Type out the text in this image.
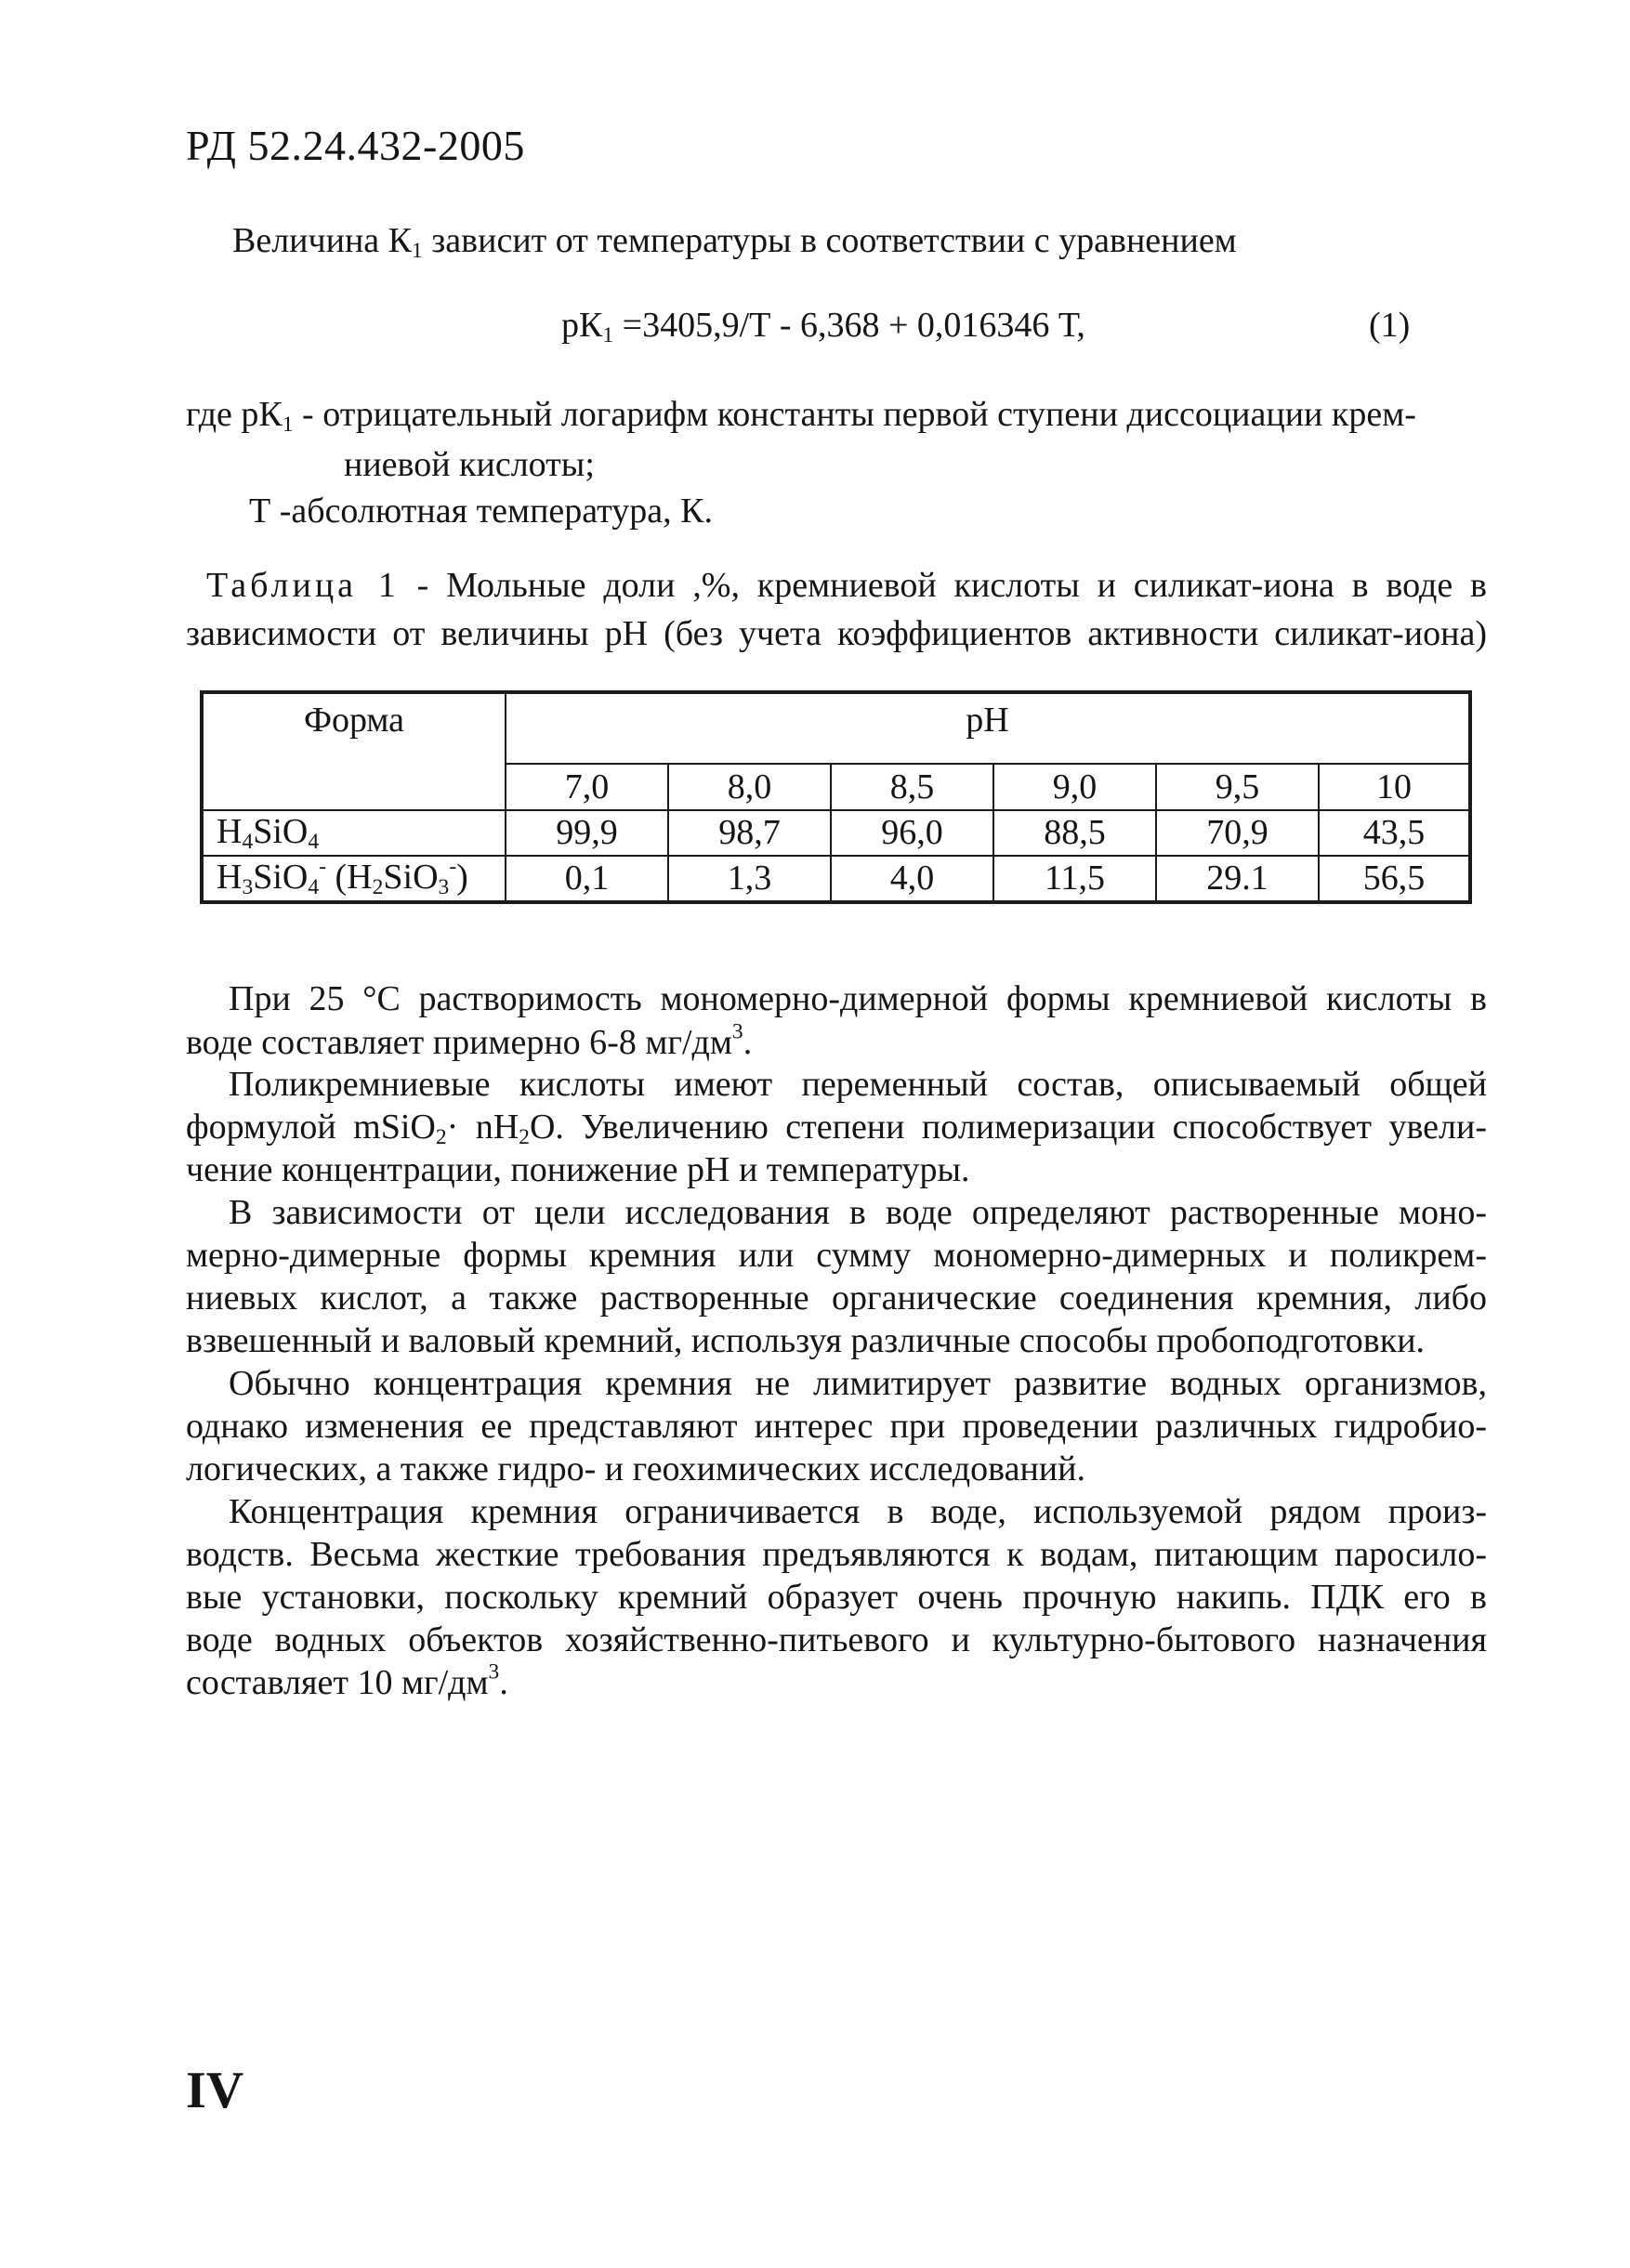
РД 52.24.432-2005
Величина $К_1$ зависит от температуры в соответствии с уравнением
$рК_1 =3405,9/Т - 6,368 + 0,016346$ Т,	(1)
где $рК_1$ - отрицательный логарифм константы первой ступени диссоциации крем-
ниевой кислоты;
Т -абсолютная температура, К.
Таблица 1 - Мольные доли ,%, кремниевой кислоты и силикат-иона в воде в
зависимости от величины рН (без учета коэффициентов активности силикат-иона)
Форма	рН					
	7,0	8,0	8,5	9,0	9,5	10
$H_4SiO_4$	99,9	98,7	96,0	88,5	70,9	43,5
$H_3SiO_4^-$ $(H_2SiO_3^-)$	0,1	1,3	4,0	11,5	29.1	56,5
При 25 °С растворимость мономерно-димерной формы кремниевой кислоты в
воде составляет примерно 6-8 $мг/дм^3$.
Поликремниевые кислоты имеют переменный состав, описываемый общей
формулой mSiO$_2$· $nH_2O$. Увеличению степени полимеризации способствует увели-
чение концентрации, понижение рН и температуры.
В зависимости от цели исследования в воде определяют растворенные моно-
мерно-димерные формы кремния или сумму мономерно-димерных и поликрем-
ниевых кислот, а также растворенные органические соединения кремния, либо
взвешенный и валовый кремний, используя различные способы пробоподготовки.
Обычно концентрация кремния не лимитирует развитие водных организмов,
однако изменения ее представляют интерес при проведении различных гидробио-
логических, а также гидро- и геохимических исследований.
Концентрация кремния ограничивается в воде, используемой рядом произ-
водств. Весьма жесткие требования предъявляются к водам, питающим паросило-
вые установки, поскольку кремний образует очень прочную накипь. ПДК его в
воде водных объектов хозяйственно-питьевого и культурно-бытового назначения
составляет 10 $мг/дм^3$.
IV
